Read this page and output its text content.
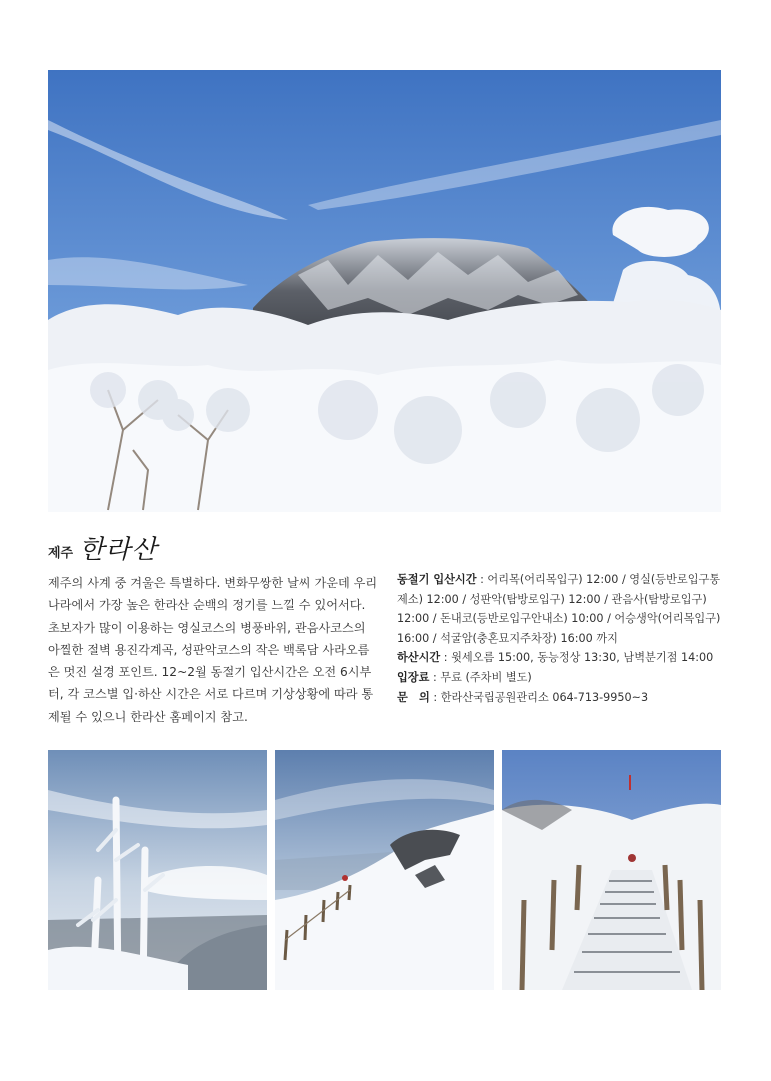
제주 한라산

제주의 사계 중 겨울은 특별하다. 변화무쌍한 날씨 가운데 우리나라에서 가장 높은 한라산 순백의 정기를 느낄 수 있어서다. 초보자가 많이 이용하는 영실코스의 병풍바위, 관음사코스의 아찔한 절벽 용진각계곡, 성판악코스의 작은 백록담 사라오름은 멋진 설경 포인트. 12~2월 동절기 입산시간은 오전 6시부터, 각 코스별 입·하산 시간은 서로 다르며 기상상황에 따라 통제될 수 있으니 한라산 홈페이지 참고.

동절기 입산시간 : 어리목(어리목입구) 12:00 / 영실(등반로입구통제소) 12:00 / 성판악(탐방로입구) 12:00 / 관음사(탐방로입구) 12:00 / 돈내코(등반로입구안내소) 10:00 / 어승생악(어리목입구) 16:00 / 석굴암(충혼묘지주차장) 16:00 까지

하산시간 : 윗세오름 15:00, 동능정상 13:30, 남벽분기점 14:00

입장료 : 무료 (주차비 별도)

문　의 : 한라산국립공원관리소 064-713-9950~3
